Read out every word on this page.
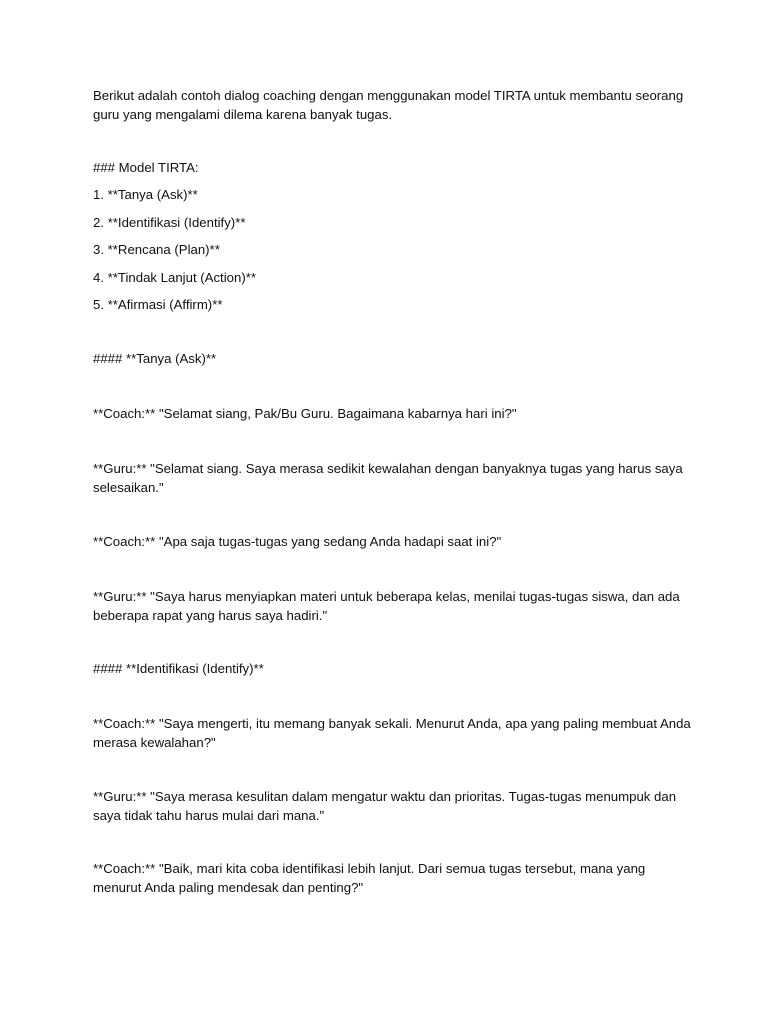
Berikut adalah contoh dialog coaching dengan menggunakan model TIRTA untuk membantu seorang guru yang mengalami dilema karena banyak tugas.

### Model TIRTA:

1. **Tanya (Ask)**

2. **Identifikasi (Identify)**

3. **Rencana (Plan)**

4. **Tindak Lanjut (Action)**

5. **Afirmasi (Affirm)**

#### **Tanya (Ask)**

**Coach:** "Selamat siang, Pak/Bu Guru. Bagaimana kabarnya hari ini?"

**Guru:** "Selamat siang. Saya merasa sedikit kewalahan dengan banyaknya tugas yang harus saya selesaikan."

**Coach:** "Apa saja tugas-tugas yang sedang Anda hadapi saat ini?"

**Guru:** "Saya harus menyiapkan materi untuk beberapa kelas, menilai tugas-tugas siswa, dan ada beberapa rapat yang harus saya hadiri."

#### **Identifikasi (Identify)**

**Coach:** "Saya mengerti, itu memang banyak sekali. Menurut Anda, apa yang paling membuat Anda merasa kewalahan?"

**Guru:** "Saya merasa kesulitan dalam mengatur waktu dan prioritas. Tugas-tugas menumpuk dan saya tidak tahu harus mulai dari mana."

**Coach:** "Baik, mari kita coba identifikasi lebih lanjut. Dari semua tugas tersebut, mana yang menurut Anda paling mendesak dan penting?"
